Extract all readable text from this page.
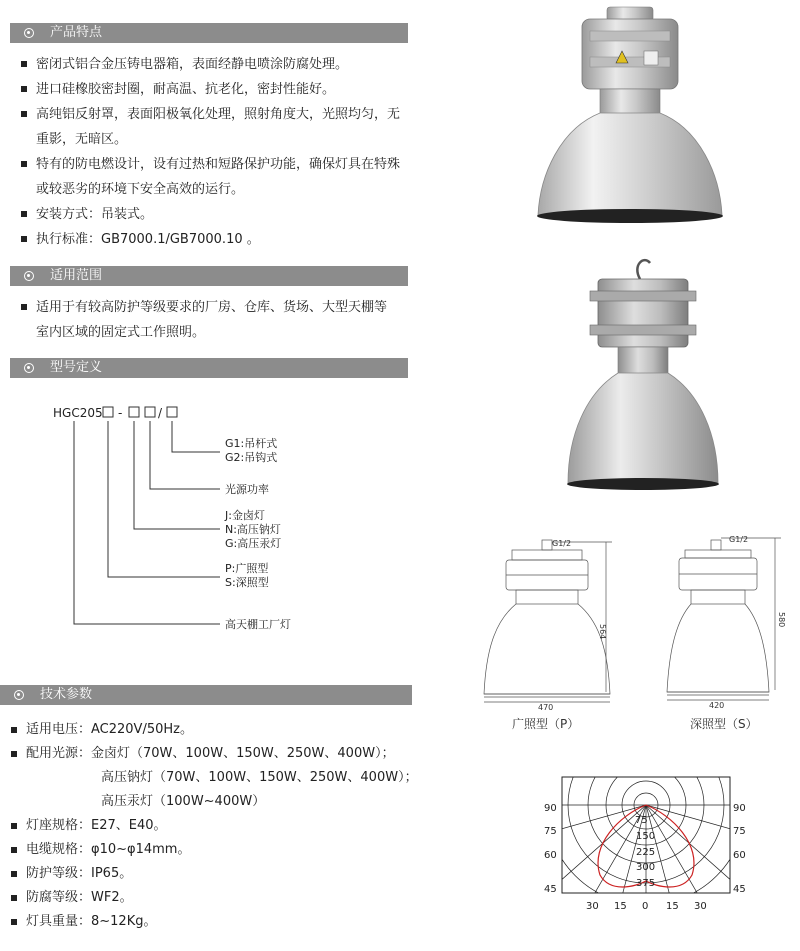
产品特点
密闭式铝合金压铸电器箱，表面经静电喷涂防腐处理。
进口硅橡胶密封圈，耐高温、抗老化，密封性能好。
高纯铝反射罩，表面阳极氧化处理，照射角度大，光照均匀，无
重影，无暗区。
特有的防电燃设计，设有过热和短路保护功能，确保灯具在特殊
或较恶劣的环境下安全高效的运行。
安装方式：吊装式。
执行标准：GB7000.1/GB7000.10 。
适用范围
适用于有较高防护等级要求的厂房、仓库、货场、大型天棚等
室内区域的固定式工作照明。
型号定义
HGC205 -	/
G1:吊杆式
G2:吊钩式
光源功率
J:金卤灯
N:高压钠灯
G:高压汞灯
P:广照型
S:深照型
高天棚工厂灯
技术参数
适用电压：AC220V/50Hz。
配用光源：金卤灯（70W、100W、150W、250W、400W）；
高压钠灯（70W、100W、150W、250W、400W）；
高压汞灯（100W~400W）
灯座规格：E27、E40。
电缆规格：φ10~φ14mm。
防护等级：IP65。
防腐等级：WF2。
灯具重量：8~12Kg。
G1/2
564
470
广照型（P）
G1/2
580
420
深照型（S）
90
75
60
45
90
75
60
45
75
150
225
300
375
30 15 0 15 30
